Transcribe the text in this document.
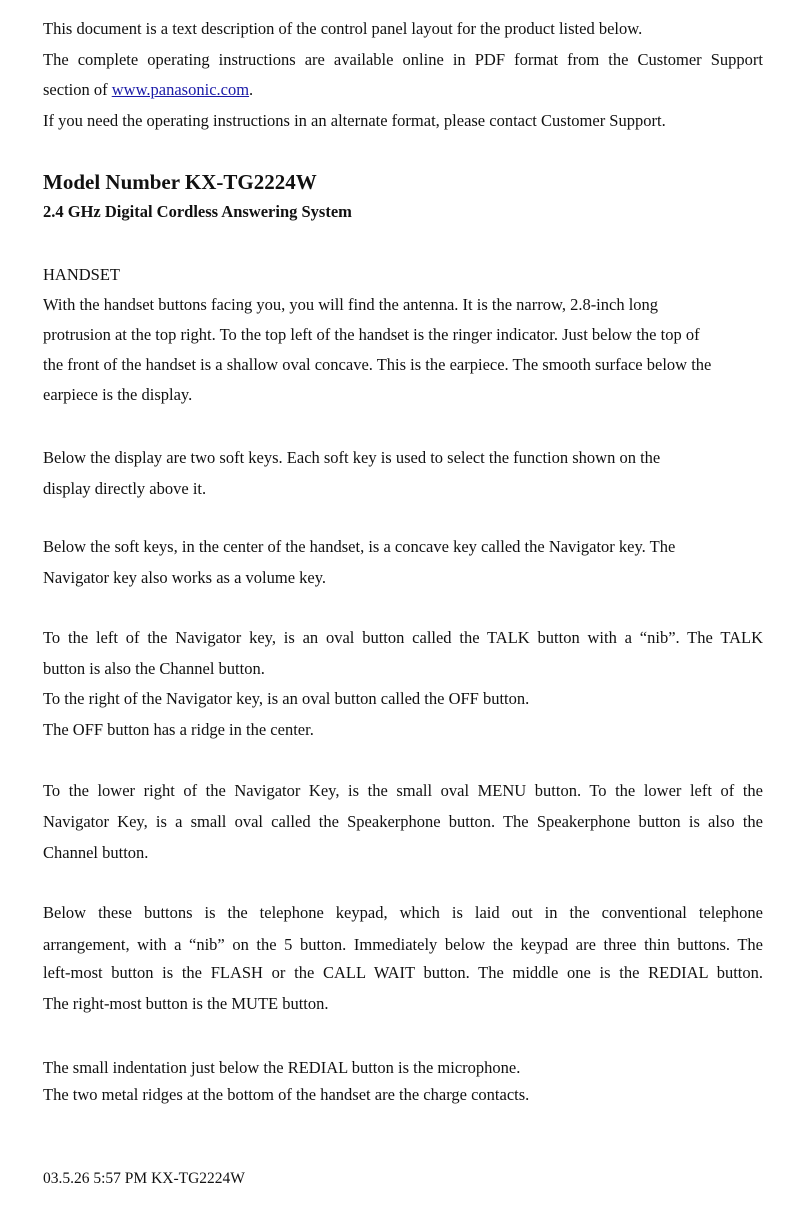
This document is a text description of the control panel layout for the product listed below.

The complete operating instructions are available online in PDF format from the Customer Support

section of www.panasonic.com.

If you need the operating instructions in an alternate format, please contact Customer Support.

Model Number KX-TG2224W

2.4 GHz Digital Cordless Answering System

HANDSET

With the handset buttons facing you, you will find the antenna. It is the narrow, 2.8-inch long

protrusion at the top right. To the top left of the handset is the ringer indicator. Just below the top of

the front of the handset is a shallow oval concave. This is the earpiece. The smooth surface below the

earpiece is the display.

Below the display are two soft keys. Each soft key is used to select the function shown on the

display directly above it.

Below the soft keys, in the center of the handset, is a concave key called the Navigator key. The

Navigator key also works as a volume key.

To the left of the Navigator key, is an oval button called the TALK button with a “nib”. The TALK

button is also the Channel button.

To the right of the Navigator key, is an oval button called the OFF button.

The OFF button has a ridge in the center.

To the lower right of the Navigator Key, is the small oval MENU button. To the lower left of the

Navigator Key, is a small oval called the Speakerphone button. The Speakerphone button is also the

Channel button.

Below these buttons is the telephone keypad, which is laid out in the conventional telephone

arrangement, with a “nib” on the 5 button. Immediately below the keypad are three thin buttons. The

left-most button is the FLASH or the CALL WAIT button. The middle one is the REDIAL button.

The right-most button is the MUTE button.

The small indentation just below the REDIAL button is the microphone.

The two metal ridges at the bottom of the handset are the charge contacts.

03.5.26 5:57 PM KX-TG2224W
